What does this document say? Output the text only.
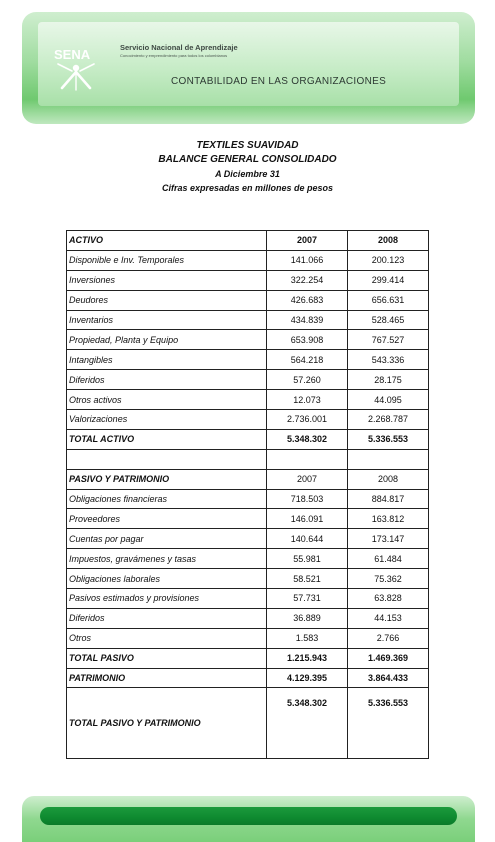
SENA	Servicio Nacional de Aprendizaje
Conocimiento y emprendimiento para todos los colombianos
CONTABILIDAD EN LAS ORGANIZACIONES
TEXTILES SUAVIDAD
BALANCE GENERAL CONSOLIDADO
A Diciembre 31
Cifras expresadas en millones de pesos
ACTIVO	2007	2008
Disponible e Inv. Temporales	141.066	200.123
Inversiones	322.254	299.414
Deudores	426.683	656.631
Inventarios	434.839	528.465
Propiedad, Planta y Equipo	653.908	767.527
Intangibles	564.218	543.336
Diferidos	57.260	28.175
Otros activos	12.073	44.095
Valorizaciones	2.736.001	2.268.787
TOTAL ACTIVO	5.348.302	5.336.553

PASIVO Y PATRIMONIO	2007	2008
Obligaciones financieras	718.503	884.817
Proveedores	146.091	163.812
Cuentas por pagar	140.644	173.147
Impuestos, gravámenes y tasas	55.981	61.484
Obligaciones laborales	58.521	75.362
Pasivos estimados y provisiones	57.731	63.828
Diferidos	36.889	44.153
Otros	1.583	2.766
TOTAL PASIVO	1.215.943	1.469.369
PATRIMONIO	4.129.395	3.864.433
TOTAL PASIVO Y PATRIMONIO	5.348.302	5.336.553
